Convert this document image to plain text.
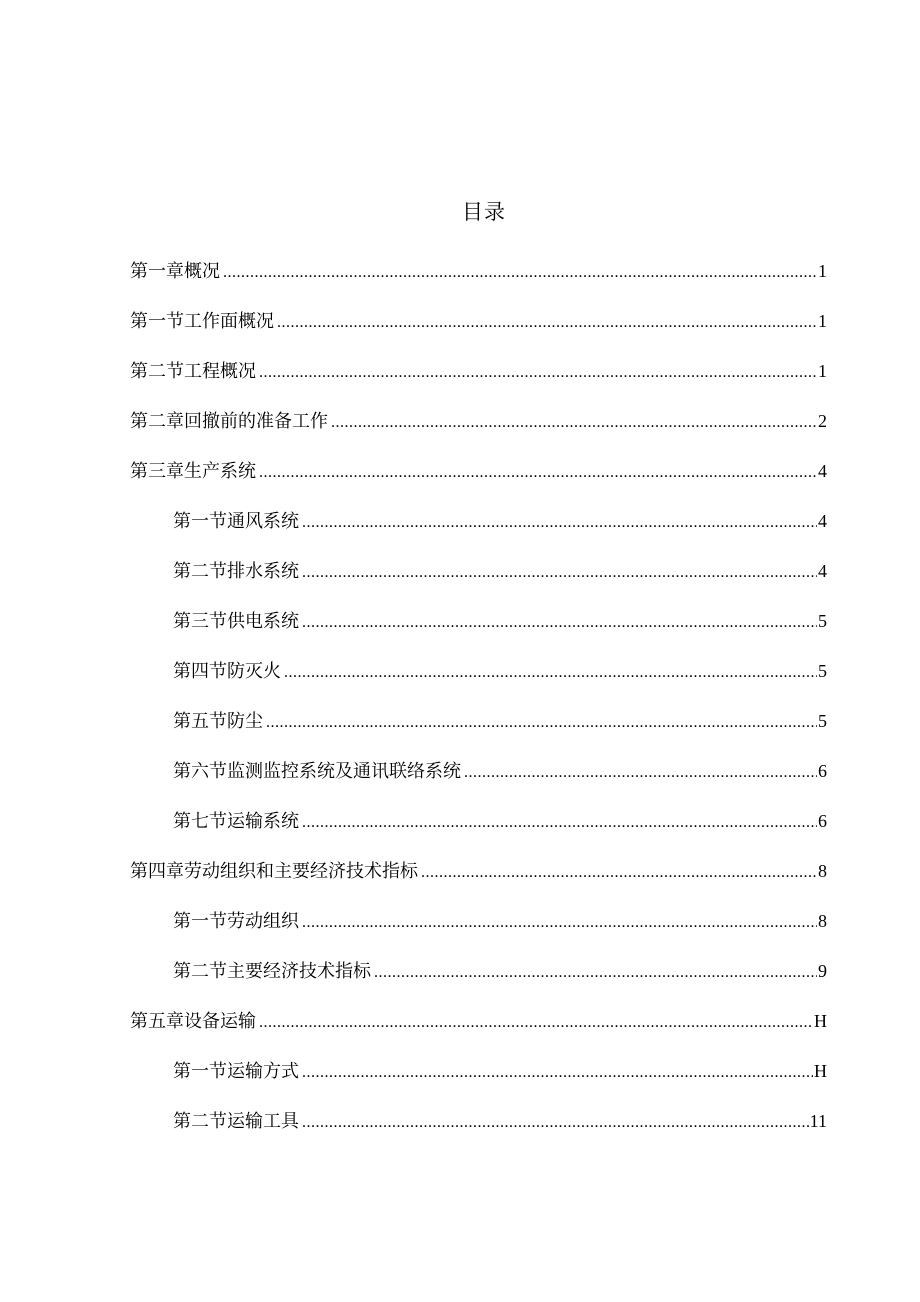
目录
第一章概况 .....	1
第一节工作面概况 .....	1
第二节工程概况 .....	1
第二章回撤前的准备工作 .....	2
第三章生产系统 .....	4
第一节通风系统 .....	4
第二节排水系统 .....	4
第三节供电系统 .....	5
第四节防灭火 .....	5
第五节防尘 .....	5
第六节监测监控系统及通讯联络系统 .....	6
第七节运输系统 .....	6
第四章劳动组织和主要经济技术指标 .....	8
第一节劳动组织 .....	8
第二节主要经济技术指标 .....	9
第五章设备运输 .....	H
第一节运输方式 .....	H
第二节运输工具 .....	11
